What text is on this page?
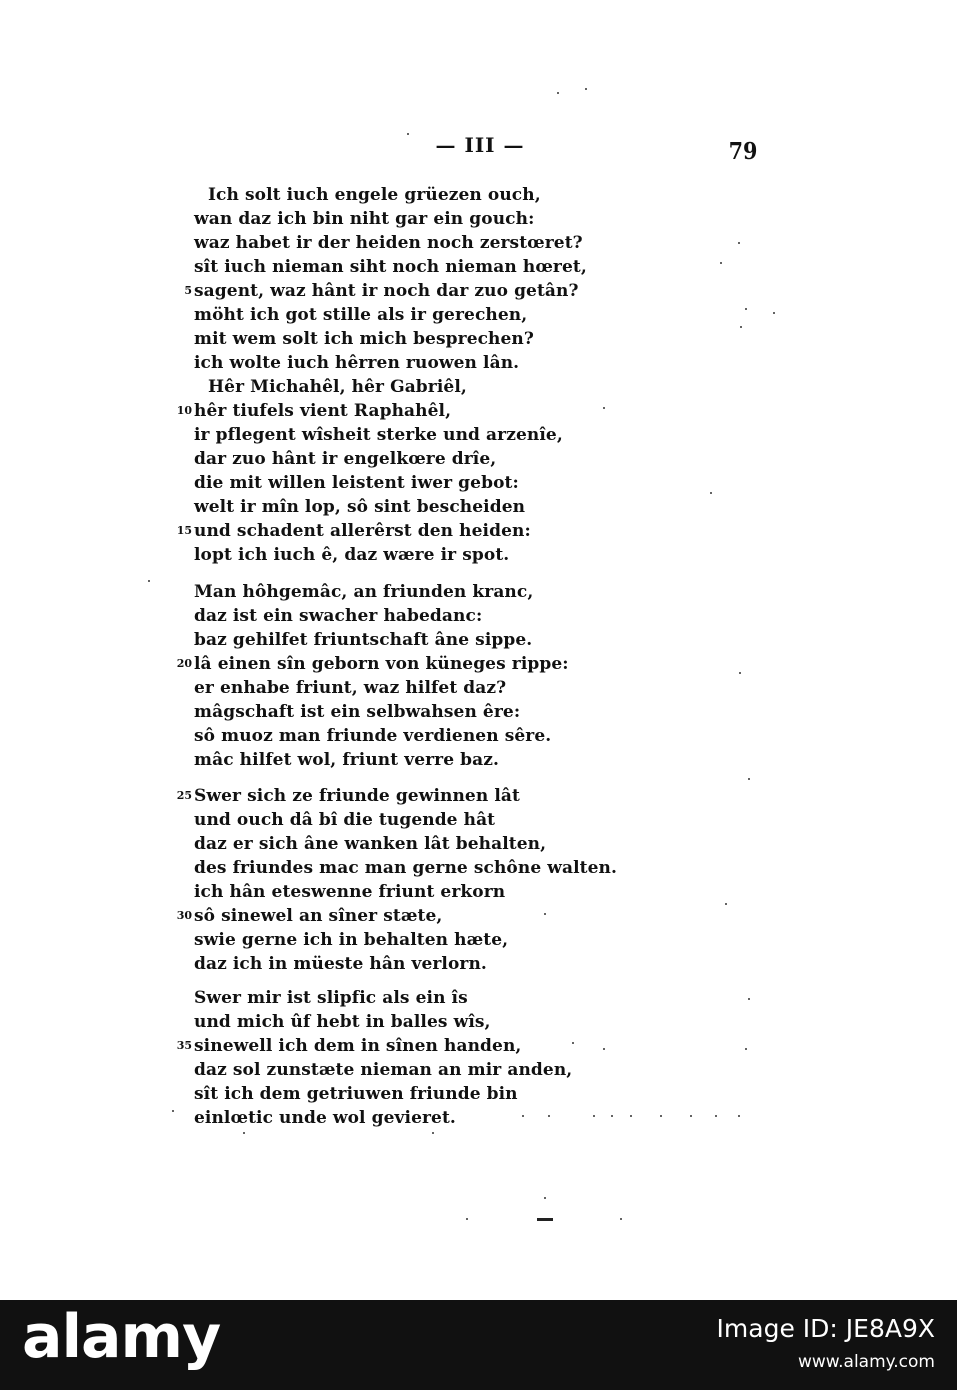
— III —	79
Ich solt iuch engele grüezen ouch,
wan daz ich bin niht gar ein gouch:
waz habet ir der heiden noch zerstœret?
sît iuch nieman siht noch nieman hœret,
5 sagent, waz hânt ir noch dar zuo getân?
möht ich got stille als ir gerechen,
mit wem solt ich mich besprechen?
ich wolte iuch hêrren ruowen lân.
Hêr Michahêl, hêr Gabriêl,
10 hêr tiufels vient Raphahêl,
ir pflegent wîsheit sterke und arzenîe,
dar zuo hânt ir engelkœre drîe,
die mit willen leistent iwer gebot:
welt ir mîn lop, sô sint bescheiden
15 und schadent allerêrst den heiden:
lopt ich iuch ê, daz wære ir spot.
Man hôhgemâc, an friunden kranc,
daz ist ein swacher habedanc:
baz gehilfet friuntschaft âne sippe.
20 lâ einen sîn geborn von küneges rippe:
er enhabe friunt, waz hilfet daz?
mâgschaft ist ein selbwahsen êre:
sô muoz man friunde verdienen sêre.
mâc hilfet wol, friunt verre baz.
25 Swer sich ze friunde gewinnen lât
und ouch dâ bî die tugende hât
daz er sich âne wanken lât behalten,
des friundes mac man gerne schône walten.
ich hân eteswenne friunt erkorn
30 sô sinewel an sîner stæte,
swie gerne ich in behalten hæte,
daz ich in müeste hân verlorn.
Swer mir ist slipfic als ein îs
und mich ûf hebt in balles wîs,
35 sinewell ich dem in sînen handen,
daz sol zunstæte nieman an mir anden,
sît ich dem getriuwen friunde bin
einlœtic unde wol gevieret.
alamy	Image ID: JE8A9X
www.alamy.com
